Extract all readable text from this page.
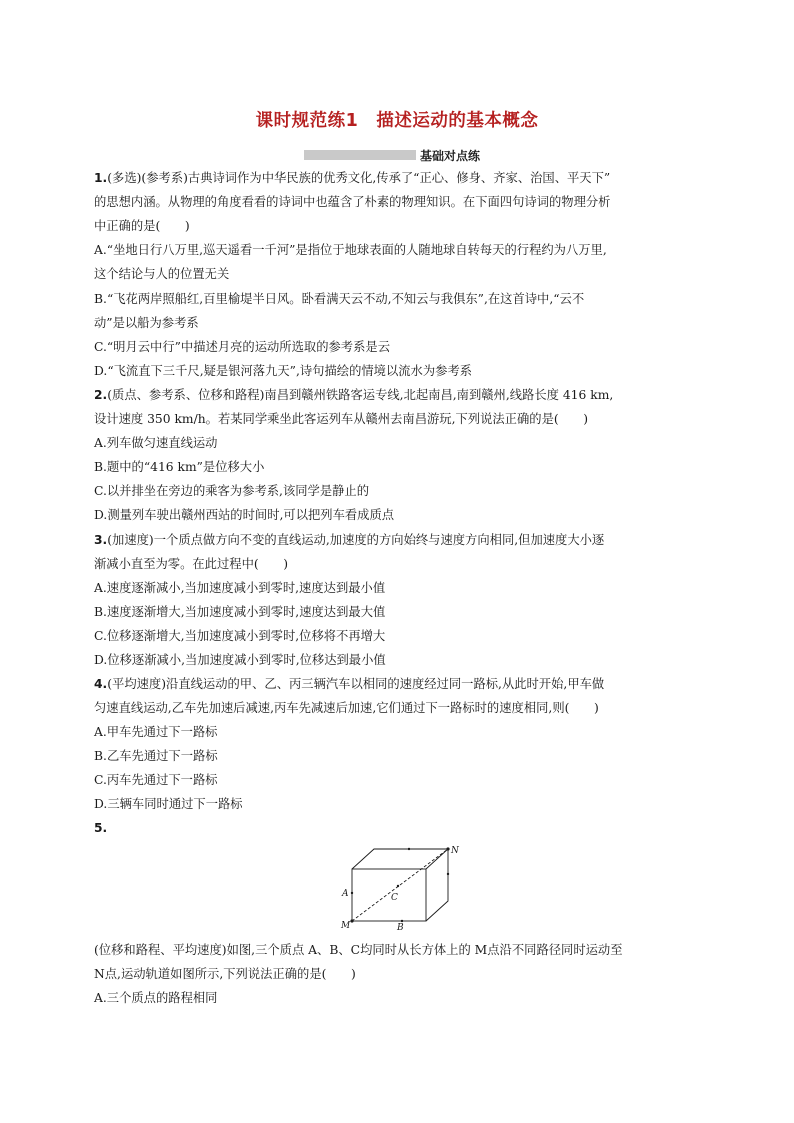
课时规范练1　描述运动的基本概念
基础对点练
1.(多选)(参考系)古典诗词作为中华民族的优秀文化,传承了“正心、修身、齐家、治国、平天下”
的思想内涵。从物理的角度看看的诗词中也蕴含了朴素的物理知识。在下面四句诗词的物理分析
中正确的是(　　)
A.“坐地日行八万里,巡天遥看一千河”是指位于地球表面的人随地球自转每天的行程约为八万里,
这个结论与人的位置无关
B.“飞花两岸照船红,百里榆堤半日风。卧看满天云不动,不知云与我俱东”,在这首诗中,“云不
动”是以船为参考系
C.“明月云中行”中描述月亮的运动所选取的参考系是云
D.“飞流直下三千尺,疑是银河落九天”,诗句描绘的情境以流水为参考系
2.(质点、参考系、位移和路程)南昌到赣州铁路客运专线,北起南昌,南到赣州,线路长度 416 km,
设计速度 350 km/h。若某同学乘坐此客运列车从赣州去南昌游玩,下列说法正确的是(　　)
A.列车做匀速直线运动
B.题中的“416 km”是位移大小
C.以并排坐在旁边的乘客为参考系,该同学是静止的
D.测量列车驶出赣州西站的时间时,可以把列车看成质点
3.(加速度)一个质点做方向不变的直线运动,加速度的方向始终与速度方向相同,但加速度大小逐
渐减小直至为零。在此过程中(　　)
A.速度逐渐减小,当加速度减小到零时,速度达到最小值
B.速度逐渐增大,当加速度减小到零时,速度达到最大值
C.位移逐渐增大,当加速度减小到零时,位移将不再增大
D.位移逐渐减小,当加速度减小到零时,位移达到最小值
4.(平均速度)沿直线运动的甲、乙、丙三辆汽车以相同的速度经过同一路标,从此时开始,甲车做
匀速直线运动,乙车先加速后减速,丙车先减速后加速,它们通过下一路标时的速度相同,则(　　)
A.甲车先通过下一路标
B.乙车先通过下一路标
C.丙车先通过下一路标
D.三辆车同时通过下一路标
5.
N
A	C
M	B
(位移和路程、平均速度)如图,三个质点 A、B、C均同时从长方体上的 M点沿不同路径同时运动至
N点,运动轨道如图所示,下列说法正确的是(　　)
A.三个质点的路程相同
